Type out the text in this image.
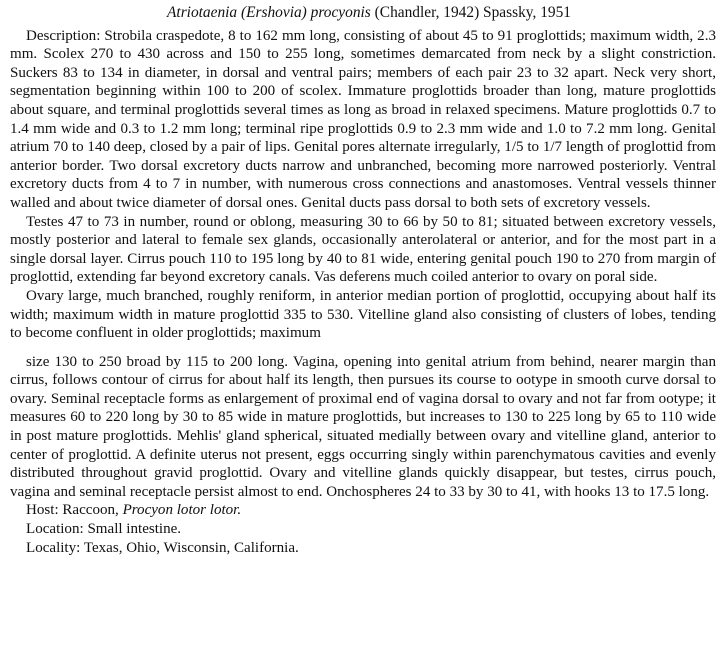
Atriotaenia (Ershovia) procyonis (Chandler, 1942) Spassky, 1951

Description: Strobila craspedote, 8 to 162 mm long, consisting of about 45 to 91 proglottids; maximum width, 2.3 mm. Scolex 270 to 430 across and 150 to 255 long, sometimes demarcated from neck by a slight constriction. Suckers 83 to 134 in diameter, in dorsal and ventral pairs; members of each pair 23 to 32 apart. Neck very short, segmentation beginning within 100 to 200 of scolex. Immature proglottids broader than long, mature proglottids about square, and terminal proglottids several times as long as broad in relaxed specimens. Mature proglottids 0.7 to 1.4 mm wide and 0.3 to 1.2 mm long; terminal ripe proglottids 0.9 to 2.3 mm wide and 1.0 to 7.2 mm long. Genital atrium 70 to 140 deep, closed by a pair of lips. Genital pores alternate irregularly, 1/5 to 1/7 length of proglottid from anterior border. Two dorsal excretory ducts narrow and unbranched, becoming more narrowed posteriorly. Ventral excretory ducts from 4 to 7 in number, with numerous cross connections and anastomoses. Ventral vessels thinner walled and about twice diameter of dorsal ones. Genital ducts pass dorsal to both sets of excretory vessels.

Testes 47 to 73 in number, round or oblong, measuring 30 to 66 by 50 to 81; situated between excretory vessels, mostly posterior and lateral to female sex glands, occasionally anterolateral or anterior, and for the most part in a single dorsal layer. Cirrus pouch 110 to 195 long by 40 to 81 wide, entering genital pouch 190 to 270 from margin of proglottid, extending far beyond excretory canals. Vas deferens much coiled anterior to ovary on poral side.

Ovary large, much branched, roughly reniform, in anterior median portion of proglottid, occupying about half its width; maximum width in mature proglottid 335 to 530. Vitelline gland also consisting of clusters of lobes, tending to become confluent in older proglottids; maximum

size 130 to 250 broad by 115 to 200 long. Vagina, opening into genital atrium from behind, nearer margin than cirrus, follows contour of cirrus for about half its length, then pursues its course to ootype in smooth curve dorsal to ovary. Seminal receptacle forms as enlargement of proximal end of vagina dorsal to ovary and not far from ootype; it measures 60 to 220 long by 30 to 85 wide in mature proglottids, but increases to 130 to 225 long by 65 to 110 wide in post mature proglottids. Mehlis' gland spherical, situated medially between ovary and vitelline gland, anterior to center of proglottid. A definite uterus not present, eggs occurring singly within parenchymatous cavities and evenly distributed throughout gravid proglottid. Ovary and vitelline glands quickly disappear, but testes, cirrus pouch, vagina and seminal receptacle persist almost to end. Onchospheres 24 to 33 by 30 to 41, with hooks 13 to 17.5 long.

Host: Raccoon, Procyon lotor lotor.

Location: Small intestine.

Locality: Texas, Ohio, Wisconsin, California.
